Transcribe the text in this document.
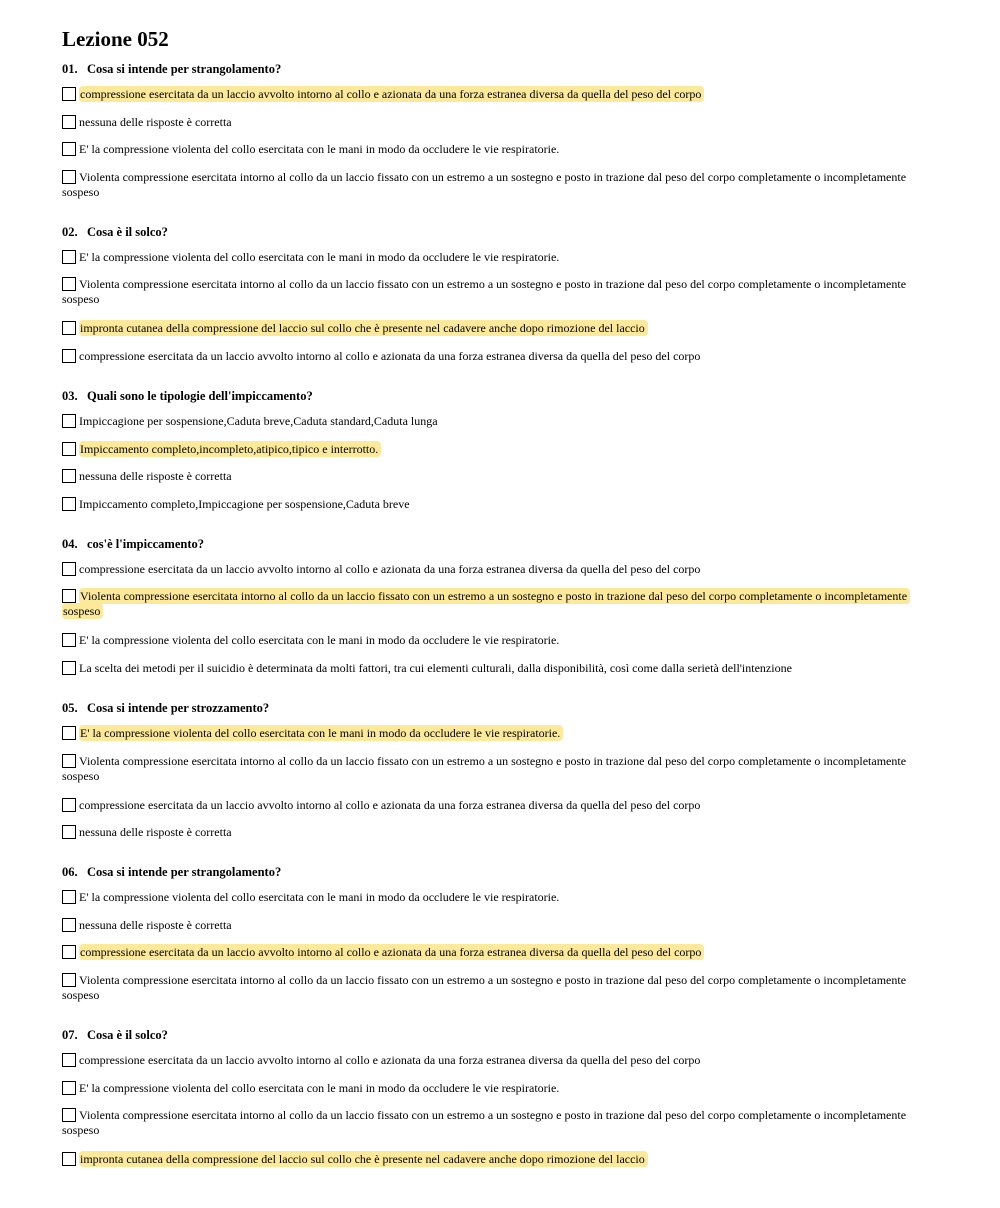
Lezione 052
01. Cosa si intende per strangolamento?
compressione esercitata da un laccio avvolto intorno al collo e azionata da una forza estranea diversa da quella del peso del corpo
nessuna delle risposte è corretta
E' la compressione violenta del collo esercitata con le mani in modo da occludere le vie respiratorie.
Violenta compressione esercitata intorno al collo da un laccio fissato con un estremo a un sostegno e posto in trazione dal peso del corpo completamente o incompletamente sospeso
02. Cosa è il solco?
E' la compressione violenta del collo esercitata con le mani in modo da occludere le vie respiratorie.
Violenta compressione esercitata intorno al collo da un laccio fissato con un estremo a un sostegno e posto in trazione dal peso del corpo completamente o incompletamente sospeso
impronta cutanea della compressione del laccio sul collo che è presente nel cadavere anche dopo rimozione del laccio
compressione esercitata da un laccio avvolto intorno al collo e azionata da una forza estranea diversa da quella del peso del corpo
03. Quali sono le tipologie dell'impiccamento?
Impiccagione per sospensione,Caduta breve,Caduta standard,Caduta lunga
Impiccamento completo,incompleto,atipico,tipico e interrotto.
nessuna delle risposte è corretta
Impiccamento completo,Impiccagione per sospensione,Caduta breve
04. cos'è l'impiccamento?
compressione esercitata da un laccio avvolto intorno al collo e azionata da una forza estranea diversa da quella del peso del corpo
Violenta compressione esercitata intorno al collo da un laccio fissato con un estremo a un sostegno e posto in trazione dal peso del corpo completamente o incompletamente sospeso
E' la compressione violenta del collo esercitata con le mani in modo da occludere le vie respiratorie.
La scelta dei metodi per il suicidio è determinata da molti fattori, tra cui elementi culturali, dalla disponibilità, così come dalla serietà dell'intenzione
05. Cosa si intende per strozzamento?
E' la compressione violenta del collo esercitata con le mani in modo da occludere le vie respiratorie.
Violenta compressione esercitata intorno al collo da un laccio fissato con un estremo a un sostegno e posto in trazione dal peso del corpo completamente o incompletamente sospeso
compressione esercitata da un laccio avvolto intorno al collo e azionata da una forza estranea diversa da quella del peso del corpo
nessuna delle risposte è corretta
06. Cosa si intende per strangolamento?
E' la compressione violenta del collo esercitata con le mani in modo da occludere le vie respiratorie.
nessuna delle risposte è corretta
compressione esercitata da un laccio avvolto intorno al collo e azionata da una forza estranea diversa da quella del peso del corpo
Violenta compressione esercitata intorno al collo da un laccio fissato con un estremo a un sostegno e posto in trazione dal peso del corpo completamente o incompletamente sospeso
07. Cosa è il solco?
compressione esercitata da un laccio avvolto intorno al collo e azionata da una forza estranea diversa da quella del peso del corpo
E' la compressione violenta del collo esercitata con le mani in modo da occludere le vie respiratorie.
Violenta compressione esercitata intorno al collo da un laccio fissato con un estremo a un sostegno e posto in trazione dal peso del corpo completamente o incompletamente sospeso
impronta cutanea della compressione del laccio sul collo che è presente nel cadavere anche dopo rimozione del laccio
